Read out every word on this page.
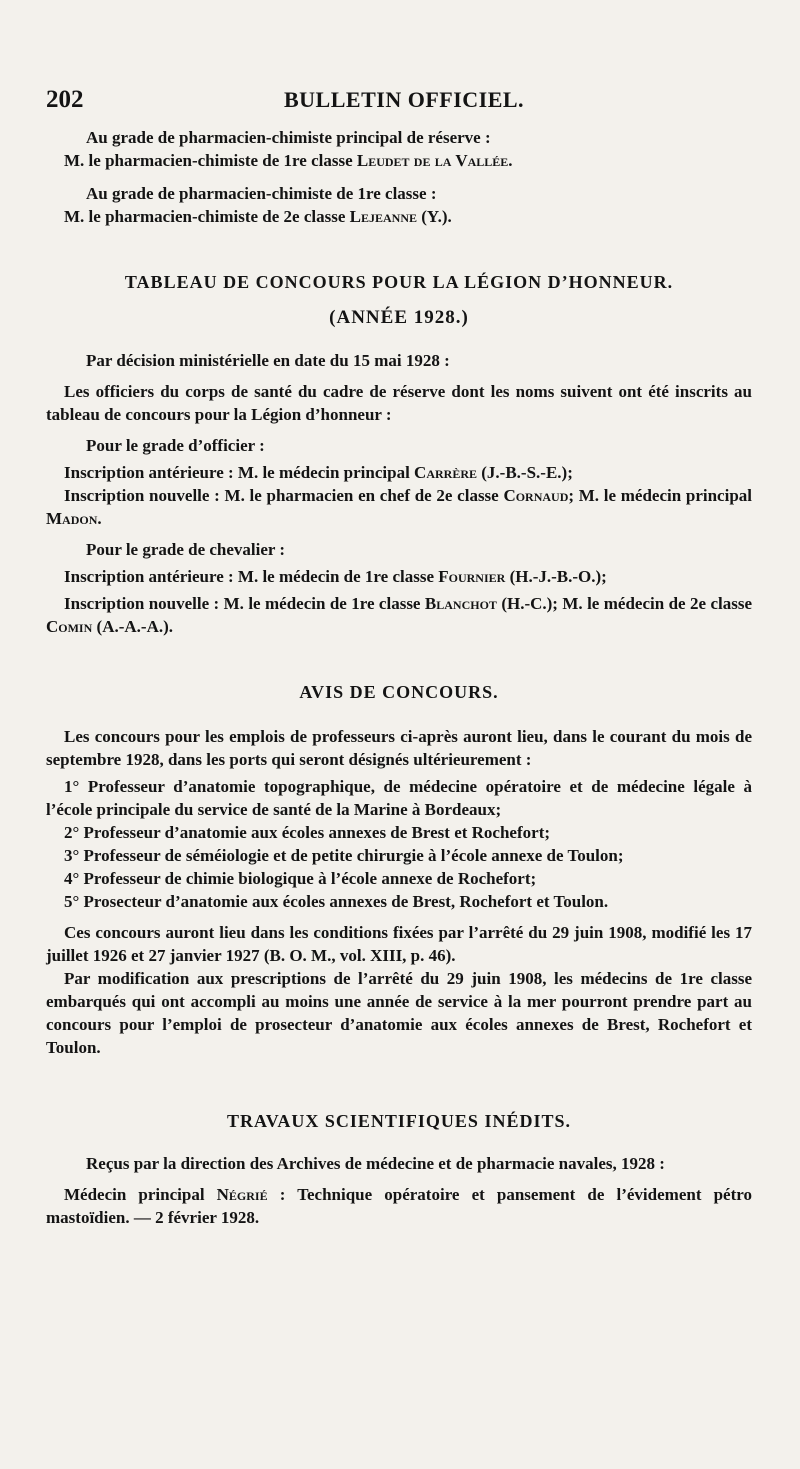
202	BULLETIN OFFICIEL.

Au grade de pharmacien-chimiste principal de réserve :

M. le pharmacien-chimiste de 1re classe Leudet de la Vallée.

Au grade de pharmacien-chimiste de 1re classe :

M. le pharmacien-chimiste de 2e classe Lejeanne (Y.).

TABLEAU DE CONCOURS POUR LA LÉGION D’HONNEUR.
(ANNÉE 1928.)

Par décision ministérielle en date du 15 mai 1928 :

Les officiers du corps de santé du cadre de réserve dont les noms suivent ont été inscrits au tableau de concours pour la Légion d’honneur :

Pour le grade d’officier :

Inscription antérieure : M. le médecin principal Carrère (J.-B.-S.-E.);

Inscription nouvelle : M. le pharmacien en chef de 2e classe Cornaud; M. le médecin principal Madon.

Pour le grade de chevalier :

Inscription antérieure : M. le médecin de 1re classe Fournier (H.-J.-B.-O.);

Inscription nouvelle : M. le médecin de 1re classe Blanchot (H.-C.); M. le médecin de 2e classe Comin (A.-A.-A.).

AVIS DE CONCOURS.

Les concours pour les emplois de professeurs ci-après auront lieu, dans le courant du mois de septembre 1928, dans les ports qui seront désignés ultérieurement :

1° Professeur d’anatomie topographique, de médecine opératoire et de médecine légale à l’école principale du service de santé de la Marine à Bordeaux;

2° Professeur d’anatomie aux écoles annexes de Brest et Rochefort;

3° Professeur de séméiologie et de petite chirurgie à l’école annexe de Toulon;

4° Professeur de chimie biologique à l’école annexe de Rochefort;

5° Prosecteur d’anatomie aux écoles annexes de Brest, Rochefort et Toulon.

Ces concours auront lieu dans les conditions fixées par l’arrêté du 29 juin 1908, modifié les 17 juillet 1926 et 27 janvier 1927 (B. O. M., vol. XIII, p. 46).

Par modification aux prescriptions de l’arrêté du 29 juin 1908, les médecins de 1re classe embarqués qui ont accompli au moins une année de service à la mer pourront prendre part au concours pour l’emploi de prosecteur d’anatomie aux écoles annexes de Brest, Rochefort et Toulon.

TRAVAUX SCIENTIFIQUES INÉDITS.

Reçus par la direction des Archives de médecine et de pharmacie navales, 1928 :

Médecin principal Négrié : Technique opératoire et pansement de l’évidement pétro mastoïdien. — 2 février 1928.
